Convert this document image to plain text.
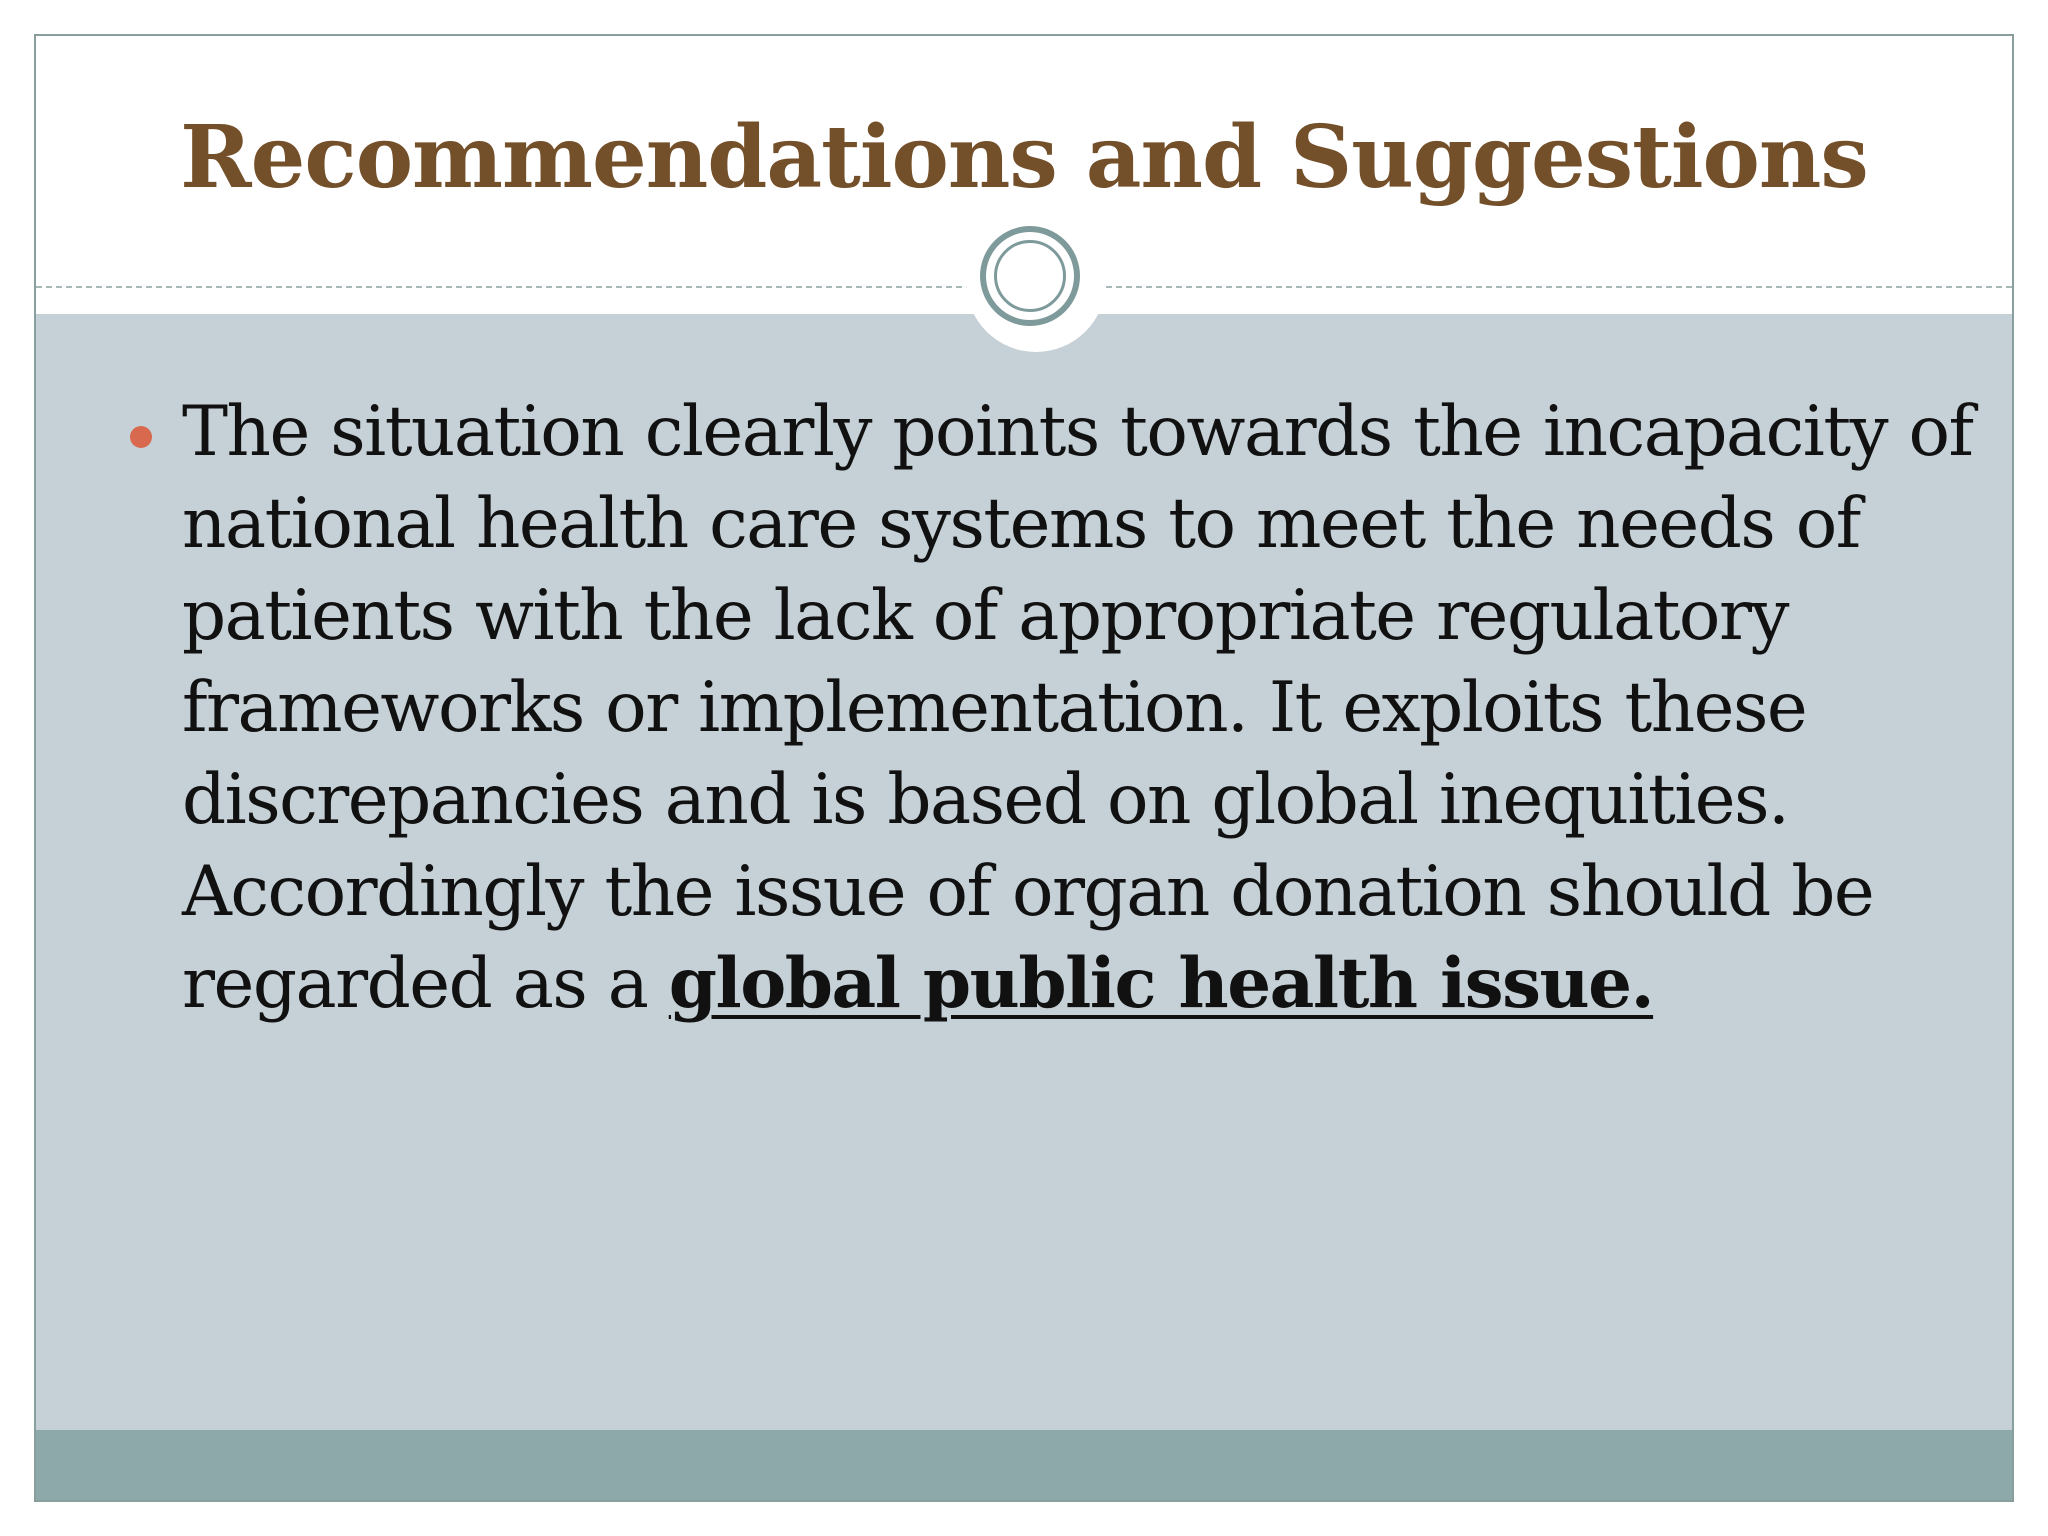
Recommendations and Suggestions

The situation clearly points towards the incapacity of national health care systems to meet the needs of patients with the lack of appropriate regulatory frameworks or implementation. It exploits these discrepancies and is based on global inequities. Accordingly the issue of organ donation should be regarded as a global public health issue.
